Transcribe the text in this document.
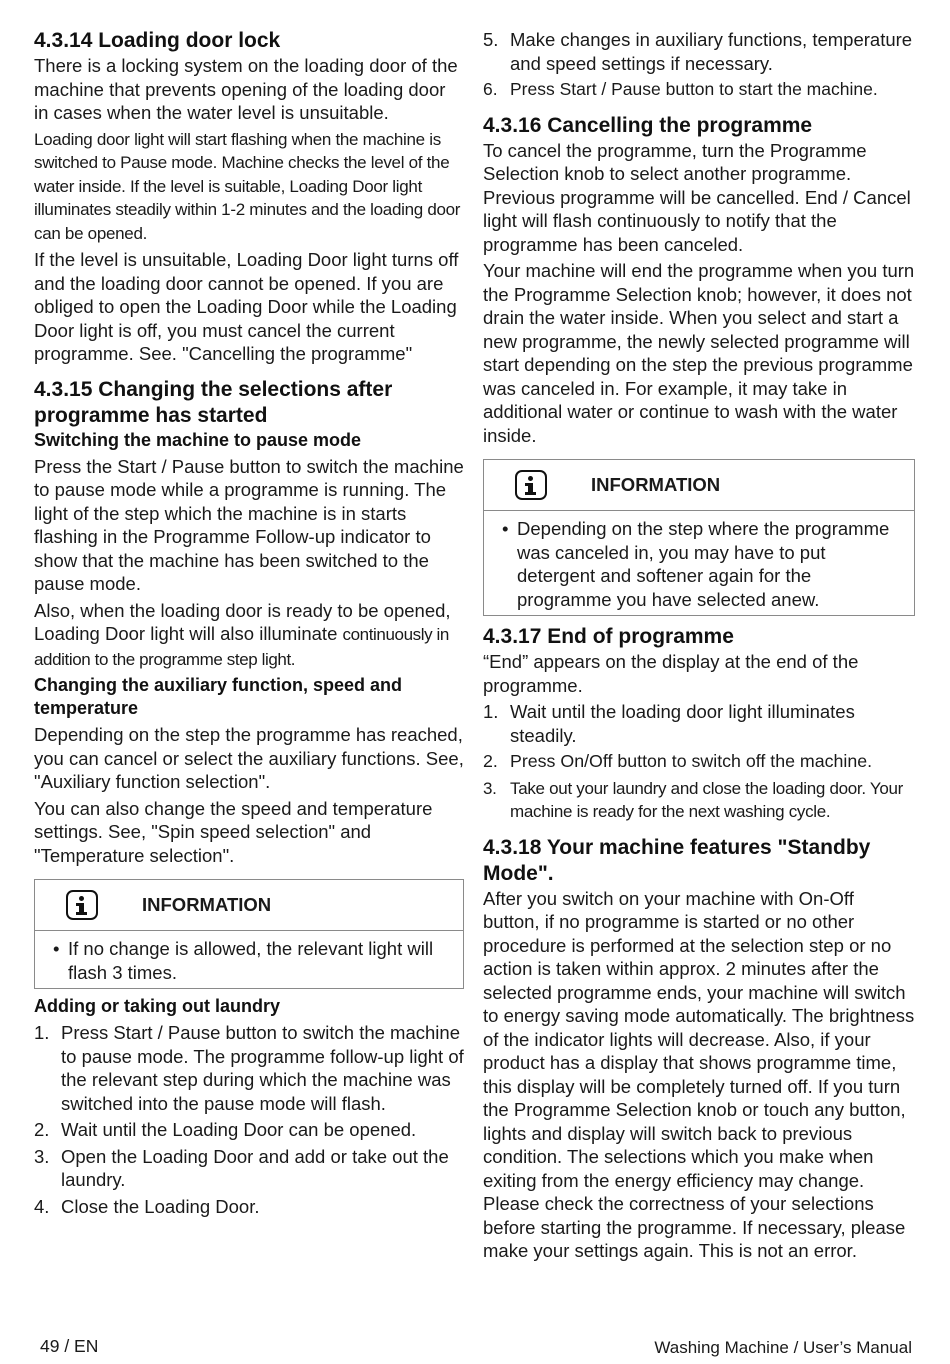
4.3.14 Loading door lock

There is a locking system on the loading door of the machine that prevents opening of the loading door in cases when the water level is unsuitable.

Loading door light will start flashing when the machine is switched to Pause mode. Machine checks the level of the water inside. If the level is suitable, Loading Door light illuminates steadily within 1-2 minutes and the loading door can be opened.

If the level is unsuitable, Loading Door light turns off and the loading door cannot be opened. If you are obliged to open the Loading Door while the Loading Door light is off, you must cancel the current programme. See. "Cancelling the programme"

4.3.15 Changing the selections after programme has started
Switching the machine to pause mode

Press the Start / Pause button to switch the machine to pause mode while a programme is running. The light of the step which the machine is in starts flashing in the Programme Follow-up indicator to show that the machine has been switched to the pause mode.

Also, when the loading door is ready to be opened, Loading Door light will also illuminate continuously in addition to the programme step light.

Changing the auxiliary function, speed and temperature

Depending on the step the programme has reached, you can cancel or select the auxiliary functions. See, "Auxiliary function selection".

You can also change the speed and temperature settings. See, "Spin speed selection" and "Temperature selection".

INFORMATION
• If no change is allowed, the relevant light will flash 3 times.
Adding or taking out laundry
1. Press Start / Pause button to switch the machine to pause mode. The programme follow-up light of the relevant step during which the machine was switched into the pause mode will flash.
2. Wait until the Loading Door can be opened.
3. Open the Loading Door and add or take out the laundry.
4. Close the Loading Door.
5. Make changes in auxiliary functions, temperature and speed settings if necessary.
6. Press Start / Pause button to start the machine.
4.3.16 Cancelling the programme

To cancel the programme, turn the Programme Selection knob to select another programme. Previous programme will be cancelled. End / Cancel light will flash continuously to notify that the programme has been canceled.

Your machine will end the programme when you turn the Programme Selection knob; however, it does not drain the water inside. When you select and start a new programme, the newly selected programme will start depending on the step the previous programme was canceled in. For example, it may take in additional water or continue to wash with the water inside.

INFORMATION
• Depending on the step where the programme was canceled in, you may have to put detergent and softener again for the programme you have selected anew.
4.3.17 End of programme

“End” appears on the display at the end of the programme.

1. Wait until the loading door light illuminates steadily.
2. Press On/Off button to switch off the machine.
3. Take out your laundry and close the loading door. Your machine is ready for the next washing cycle.
4.3.18 Your machine features "Standby Mode".

After you switch on your machine with On-Off button, if no programme is started or no other procedure is performed at the selection step or no action is taken within approx. 2 minutes after the selected programme ends, your machine will switch to energy saving mode automatically. The brightness of the indicator lights will decrease. Also, if your product has a display that shows programme time, this display will be completely turned off. If you turn the Programme Selection knob or touch any button, lights and display will switch back to previous condition. The selections which you make when exiting from the energy efficiency may change. Please check the correctness of your selections before starting the programme. If necessary, please make your settings again. This is not an error.

49 / EN	Washing Machine / User’s Manual
